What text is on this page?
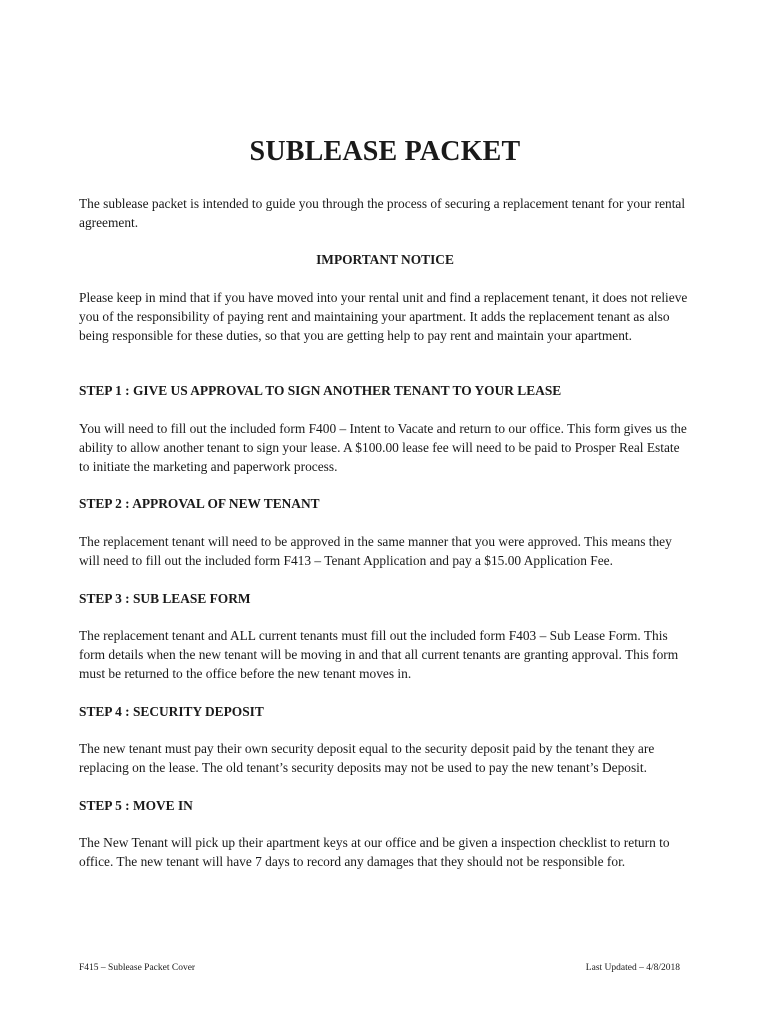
SUBLEASE PACKET

The sublease packet is intended to guide you through the process of securing a replacement tenant for your rental agreement.

IMPORTANT NOTICE

Please keep in mind that if you have moved into your rental unit and find a replacement tenant, it does not relieve you of the responsibility of paying rent and maintaining your apartment. It adds the replacement tenant as also being responsible for these duties, so that you are getting help to pay rent and maintain your apartment.

STEP 1 : GIVE US APPROVAL TO SIGN ANOTHER TENANT TO YOUR LEASE

You will need to fill out the included form F400 – Intent to Vacate and return to our office. This form gives us the ability to allow another tenant to sign your lease. A $100.00 lease fee will need to be paid to Prosper Real Estate to initiate the marketing and paperwork process.

STEP 2 : APPROVAL OF NEW TENANT

The replacement tenant will need to be approved in the same manner that you were approved. This means they will need to fill out the included form F413 – Tenant Application and pay a $15.00 Application Fee.

STEP 3 : SUB LEASE FORM

The replacement tenant and ALL current tenants must fill out the included form F403 – Sub Lease Form. This form details when the new tenant will be moving in and that all current tenants are granting approval. This form must be returned to the office before the new tenant moves in.

STEP 4 : SECURITY DEPOSIT

The new tenant must pay their own security deposit equal to the security deposit paid by the tenant they are replacing on the lease. The old tenant’s security deposits may not be used to pay the new tenant’s Deposit.

STEP 5 : MOVE IN

The New Tenant will pick up their apartment keys at our office and be given a inspection checklist to return to office. The new tenant will have 7 days to record any damages that they should not be responsible for.

F415 – Sublease Packet Cover	Last Updated – 4/8/2018
